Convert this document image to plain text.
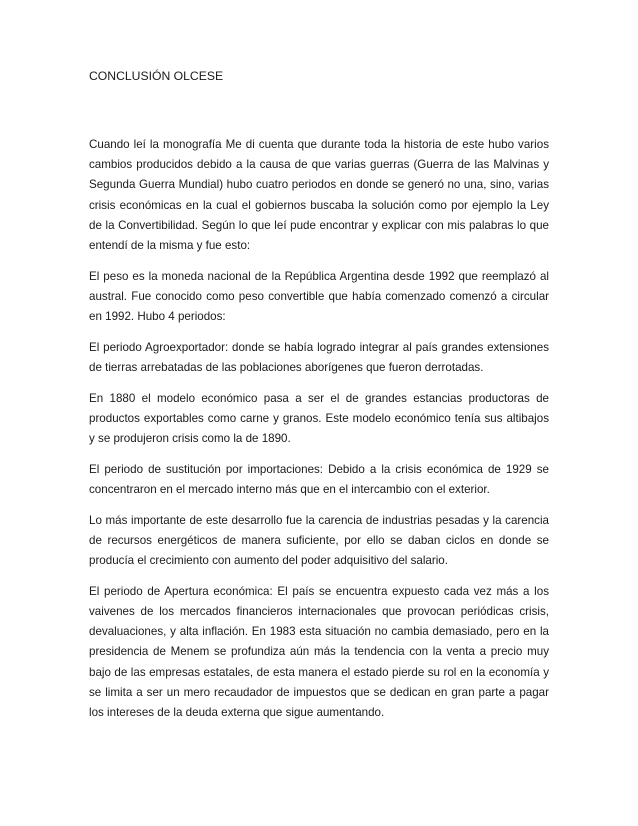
CONCLUSIÓN OLCESE

Cuando leí la monografía Me di cuenta que durante toda la historia de este hubo varios cambios producidos debido a la causa de que varias guerras (Guerra de las Malvinas y Segunda Guerra Mundial) hubo cuatro periodos en donde se generó no una, sino, varias crisis económicas en la cual el gobiernos buscaba la solución como por ejemplo la Ley de la Convertibilidad. Según lo que leí pude encontrar y explicar con mis palabras lo que entendí de la misma y fue esto:

El peso es la moneda nacional de la República Argentina desde 1992 que reemplazó al austral. Fue conocido como peso convertible que había comenzado comenzó a circular en 1992. Hubo 4 periodos:

El periodo Agroexportador: donde se había logrado integrar al país grandes extensiones de tierras arrebatadas de las poblaciones aborígenes que fueron derrotadas.

En 1880 el modelo económico pasa a ser el de grandes estancias productoras de productos exportables como carne y granos. Este modelo económico tenía sus altibajos y se produjeron crisis como la de 1890.

El periodo de sustitución por importaciones: Debido a la crisis económica de 1929 se concentraron en el mercado interno más que en el intercambio con el exterior.

Lo más importante de este desarrollo fue la carencia de industrias pesadas y la carencia de recursos energéticos de manera suficiente, por ello se daban ciclos en donde se producía el crecimiento con aumento del poder adquisitivo del salario.

El periodo de Apertura económica: El país se encuentra expuesto cada vez más a los vaivenes de los mercados financieros internacionales que provocan periódicas crisis, devaluaciones, y alta inflación. En 1983 esta situación no cambia demasiado, pero en la presidencia de Menem se profundiza aún más la tendencia con la venta a precio muy bajo de las empresas estatales, de esta manera el estado pierde su rol en la economía y se limita a ser un mero recaudador de impuestos que se dedican en gran parte a pagar los intereses de la deuda externa que sigue aumentando.
